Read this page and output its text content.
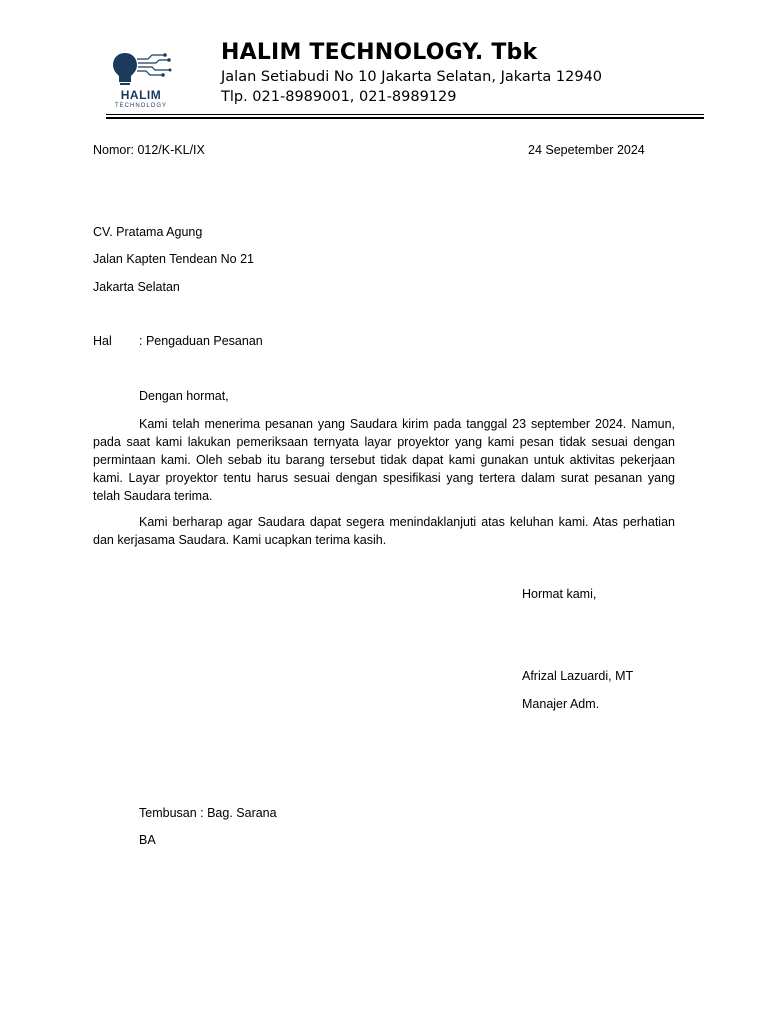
HALIM
TECHNOLOGY
HALIM TECHNOLOGY. Tbk
Jalan Setiabudi No 10 Jakarta Selatan, Jakarta 12940
Tlp. 021-8989001, 021-8989129
Nomor: 012/K-KL/IX	24 Sepetember 2024
CV. Pratama Agung
Jalan Kapten Tendean No 21
Jakarta Selatan
Hal : Pengaduan Pesanan
Dengan hormat,
Kami telah menerima pesanan yang Saudara kirim pada tanggal 23 september 2024. Namun, pada saat kami lakukan pemeriksaan ternyata layar proyektor yang kami pesan tidak sesuai dengan permintaan kami. Oleh sebab itu barang tersebut tidak dapat kami gunakan untuk aktivitas pekerjaan kami. Layar proyektor tentu harus sesuai dengan spesifikasi yang tertera dalam surat pesanan yang telah Saudara terima.
Kami berharap agar Saudara dapat segera menindaklanjuti atas keluhan kami. Atas perhatian dan kerjasama Saudara. Kami ucapkan terima kasih.
Hormat kami,
Afrizal Lazuardi, MT
Manajer Adm.
Tembusan : Bag. Sarana
BA
